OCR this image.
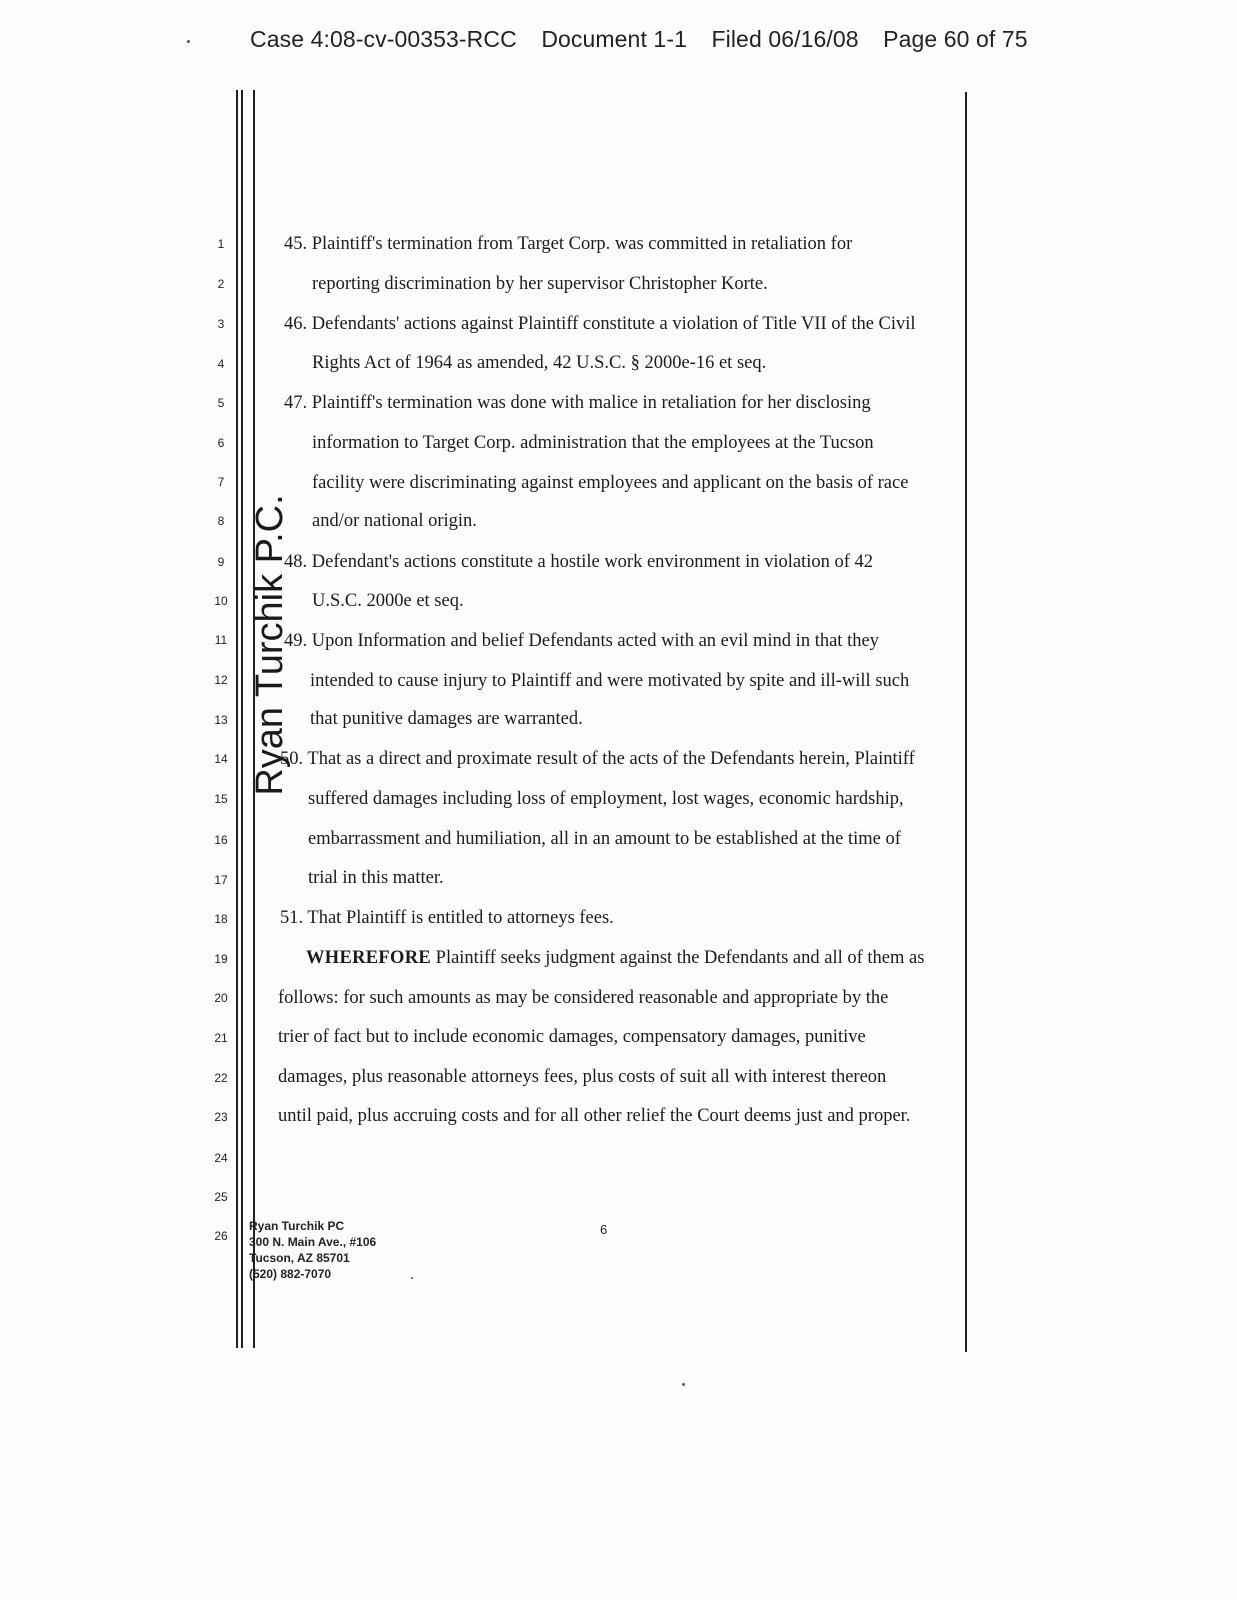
Case 4:08-cv-00353-RCC Document 1-1 Filed 06/16/08 Page 60 of 75
Ryan Turchik P.C.
1
2
3
4
5
6
7
8
9
10
11
12
13
14
15
16
17
18
19
20
21
22
23
24
25
26
45. Plaintiff's termination from Target Corp. was committed in retaliation for
reporting discrimination by her supervisor Christopher Korte.
46. Defendants' actions against Plaintiff constitute a violation of Title VII of the Civil
Rights Act of 1964 as amended, 42 U.S.C. § 2000e-16 et seq.
47. Plaintiff's termination was done with malice in retaliation for her disclosing
information to Target Corp. administration that the employees at the Tucson
facility were discriminating against employees and applicant on the basis of race
and/or national origin.
48. Defendant's actions constitute a hostile work environment in violation of 42
U.S.C. 2000e et seq.
49. Upon Information and belief Defendants acted with an evil mind in that they
intended to cause injury to Plaintiff and were motivated by spite and ill-will such
that punitive damages are warranted.
50. That as a direct and proximate result of the acts of the Defendants herein, Plaintiff
suffered damages including loss of employment, lost wages, economic hardship,
embarrassment and humiliation, all in an amount to be established at the time of
trial in this matter.
51. That Plaintiff is entitled to attorneys fees.
WHEREFORE Plaintiff seeks judgment against the Defendants and all of them as
follows: for such amounts as may be considered reasonable and appropriate by the
trier of fact but to include economic damages, compensatory damages, punitive
damages, plus reasonable attorneys fees, plus costs of suit all with interest thereon
until paid, plus accruing costs and for all other relief the Court deems just and proper.
Ryan Turchik PC
300 N. Main Ave., #106
Tucson, AZ 85701
(520) 882-7070
6
